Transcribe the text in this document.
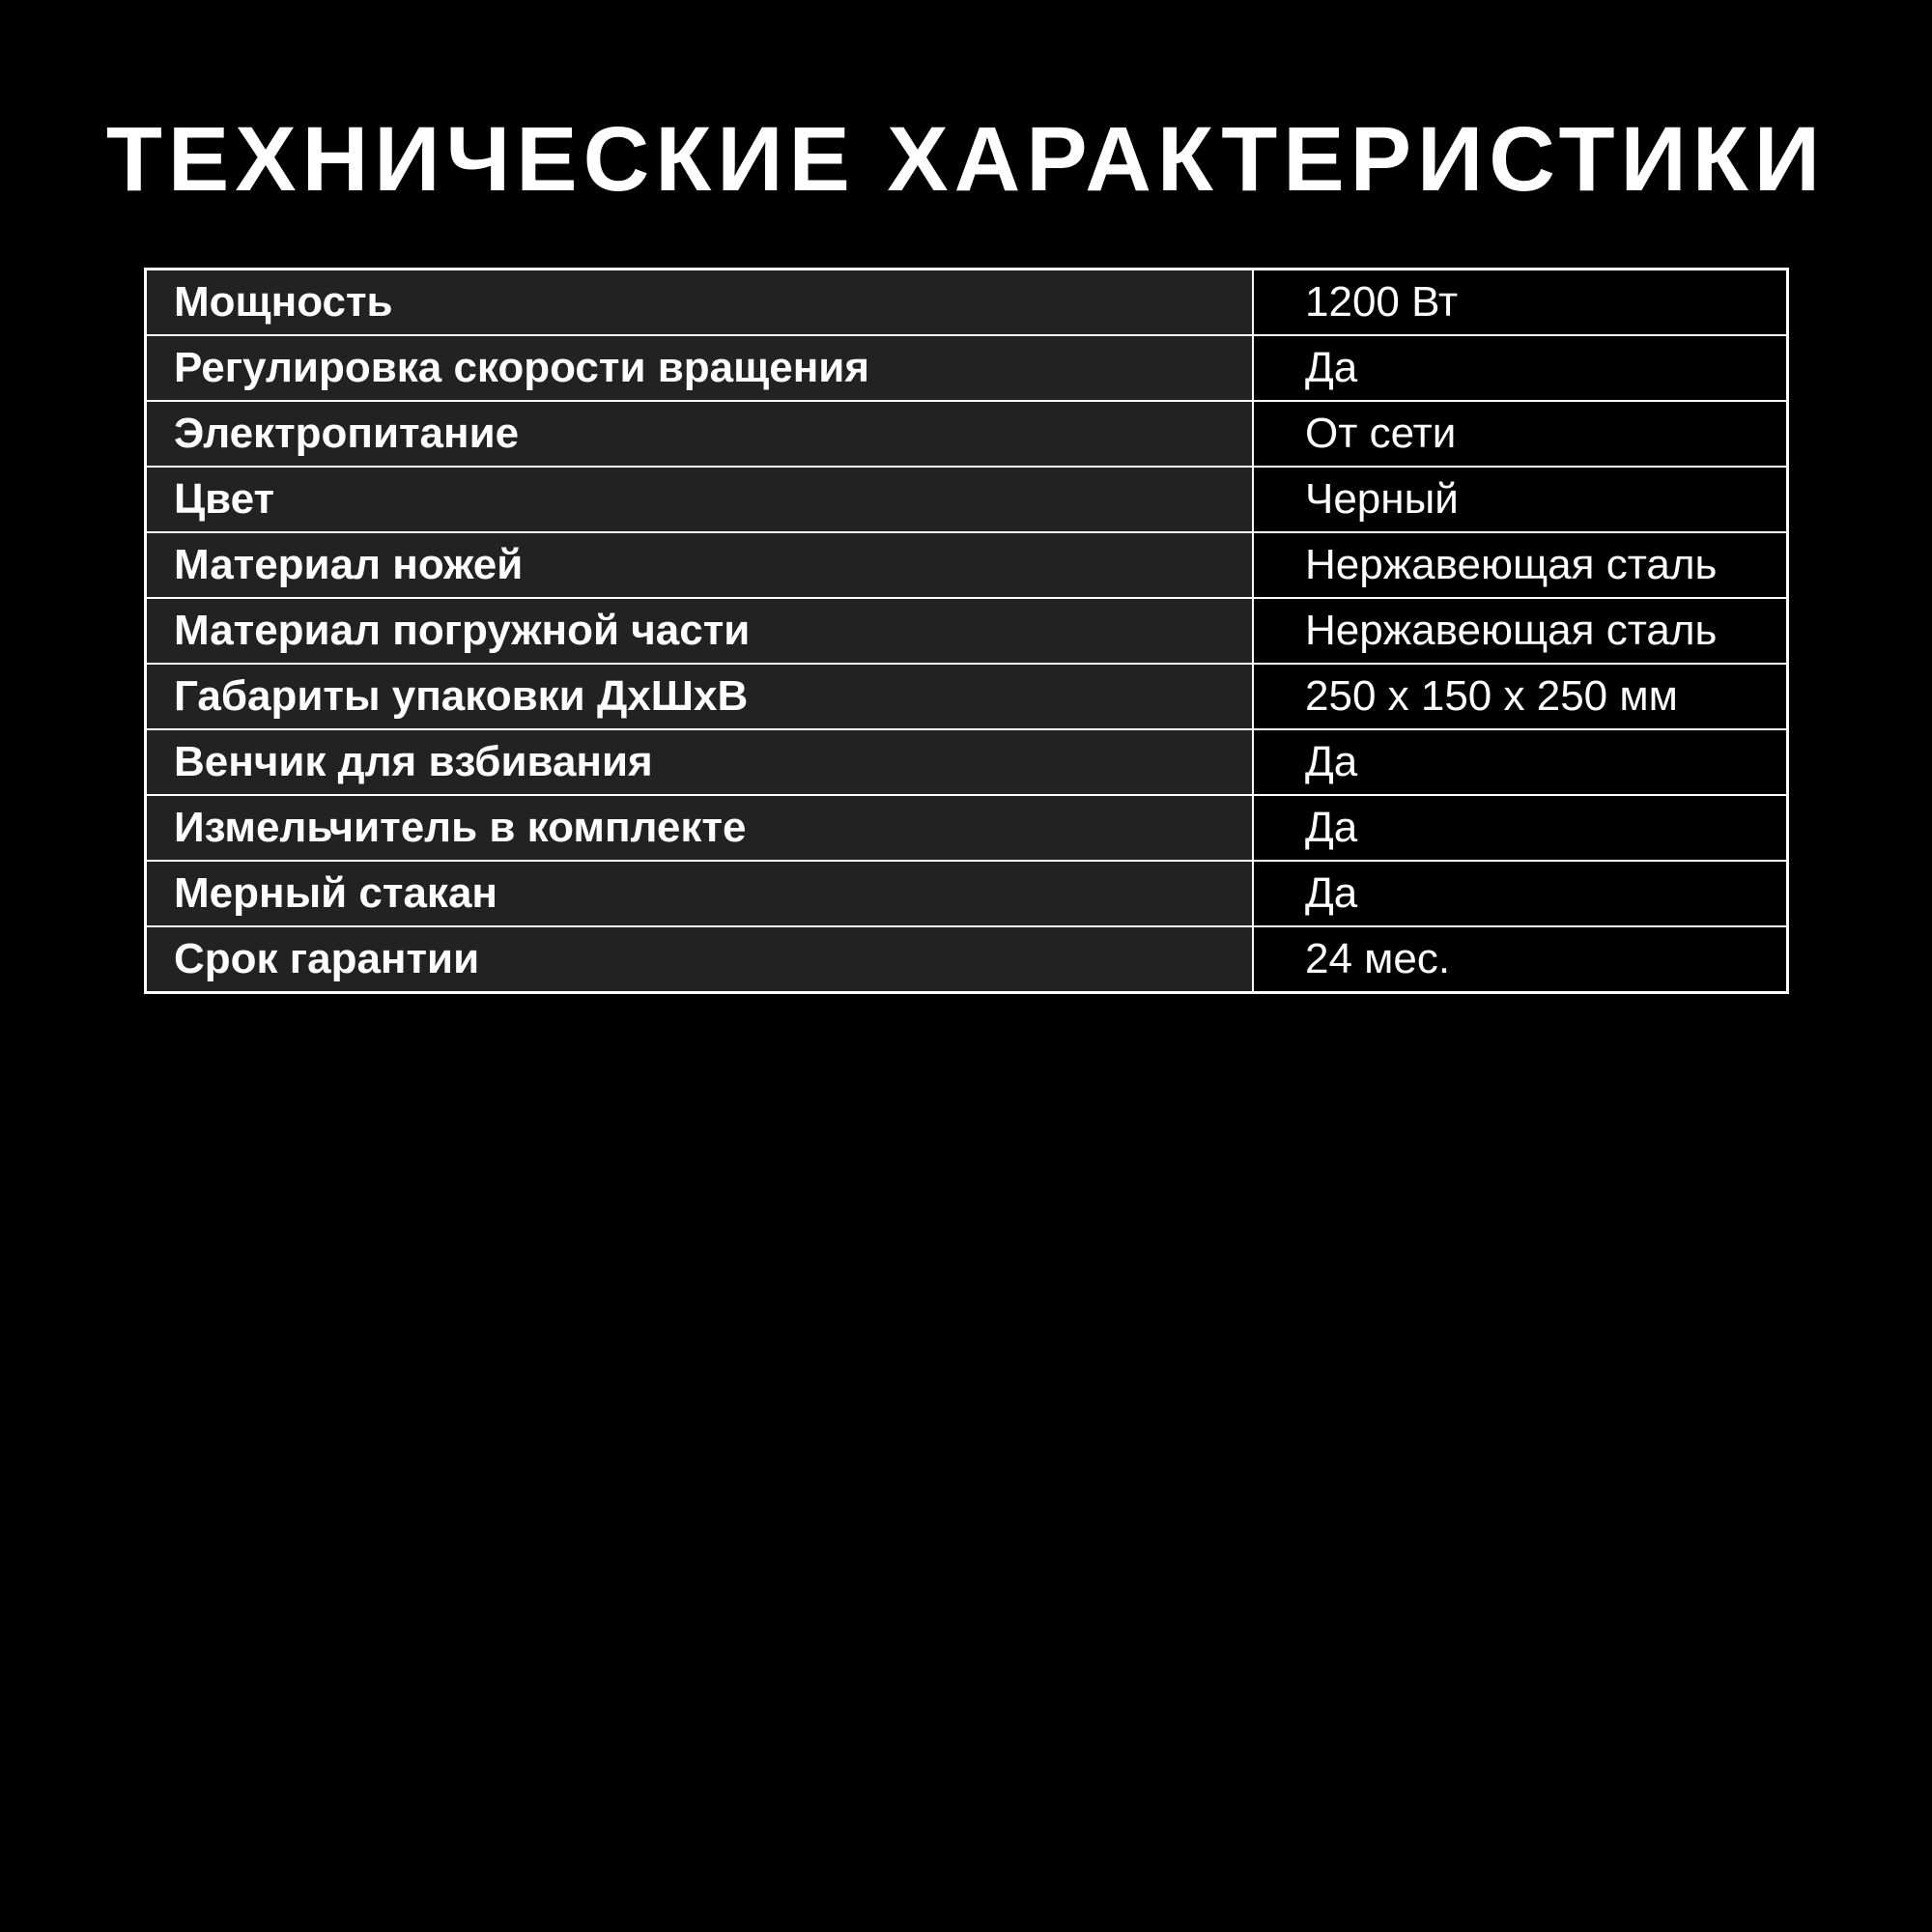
ТЕХНИЧЕСКИЕ ХАРАКТЕРИСТИКИ
Мощность	1200 Вт
Регулировка скорости вращения	Да
Электропитание	От сети
Цвет	Черный
Материал ножей	Нержавеющая сталь
Материал погружной части	Нержавеющая сталь
Габариты упаковки ДхШхВ	250 х 150 х 250 мм
Венчик для взбивания	Да
Измельчитель в комплекте	Да
Мерный стакан	Да
Срок гарантии	24 мес.
